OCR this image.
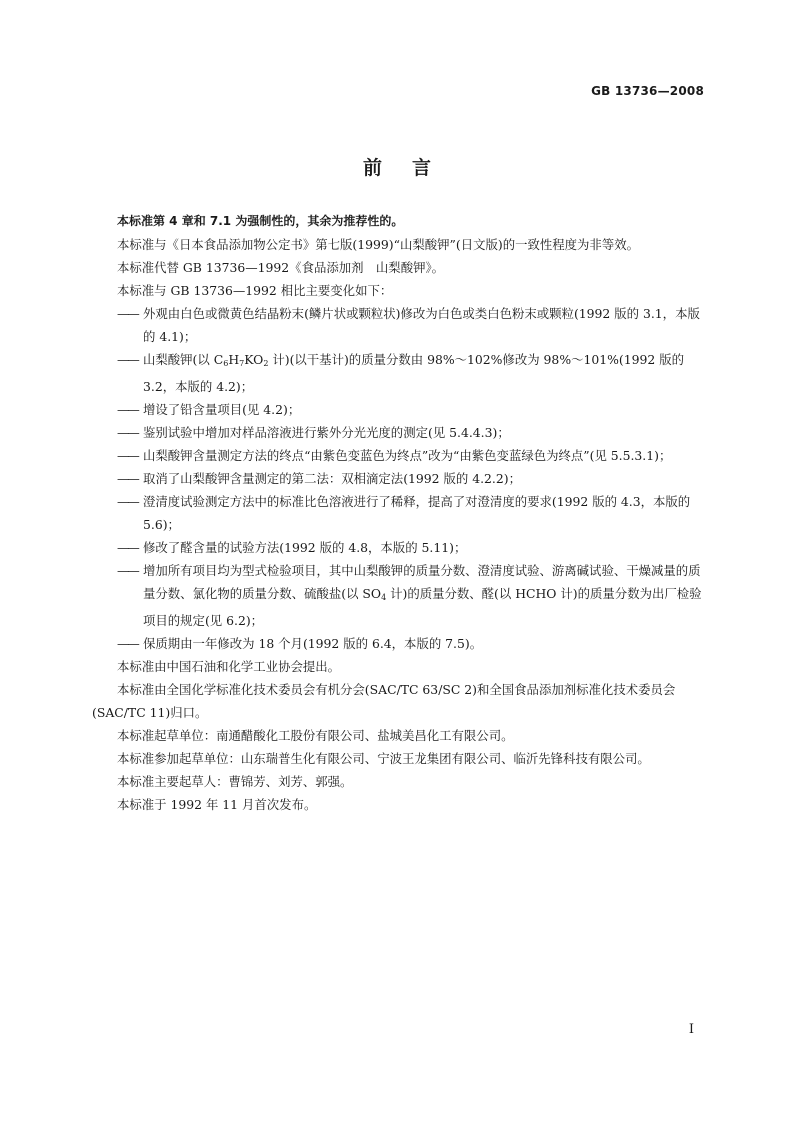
GB 13736—2008
前言

本标准第 4 章和 7.1 为强制性的，其余为推荐性的。

本标准与《日本食品添加物公定书》第七版(1999)“山梨酸钾”(日文版)的一致性程度为非等效。

本标准代替 GB 13736—1992《食品添加剂　山梨酸钾》。

本标准与 GB 13736—1992 相比主要变化如下：

—— 外观由白色或微黄色结晶粉末(鳞片状或颗粒状)修改为白色或类白色粉末或颗粒(1992 版的 3.1，本版的 4.1)；
—— 山梨酸钾(以 $C_6H_7KO_2$ 计)(以干基计)的质量分数由 98%～102%修改为 98%～101%(1992 版的 3.2，本版的 4.2)；
—— 增设了铅含量项目(见 4.2)；
—— 鉴别试验中增加对样品溶液进行紫外分光光度的测定(见 5.4.4.3)；
—— 山梨酸钾含量测定方法的终点“由紫色变蓝色为终点”改为“由紫色变蓝绿色为终点”(见 5.5.3.1)；
—— 取消了山梨酸钾含量测定的第二法：双相滴定法(1992 版的 4.2.2)；
—— 澄清度试验测定方法中的标准比色溶液进行了稀释，提高了对澄清度的要求(1992 版的 4.3，本版的 5.6)；
—— 修改了醛含量的试验方法(1992 版的 4.8，本版的 5.11)；
—— 增加所有项目均为型式检验项目，其中山梨酸钾的质量分数、澄清度试验、游离碱试验、干燥减量的质量分数、氯化物的质量分数、硫酸盐(以 $SO_4$ 计)的质量分数、醛(以 HCHO 计)的质量分数为出厂检验项目的规定(见 6.2)；
—— 保质期由一年修改为 18 个月(1992 版的 6.4，本版的 7.5)。

本标准由中国石油和化学工业协会提出。

本标准由全国化学标准化技术委员会有机分会(SAC/TC 63/SC 2)和全国食品添加剂标准化技术委员会(SAC/TC 11)归口。

本标准起草单位：南通醋酸化工股份有限公司、盐城美昌化工有限公司。

本标准参加起草单位：山东瑞普生化有限公司、宁波王龙集团有限公司、临沂先锋科技有限公司。

本标准主要起草人：曹锦芳、刘芳、郭强。

本标准于 1992 年 11 月首次发布。

I
